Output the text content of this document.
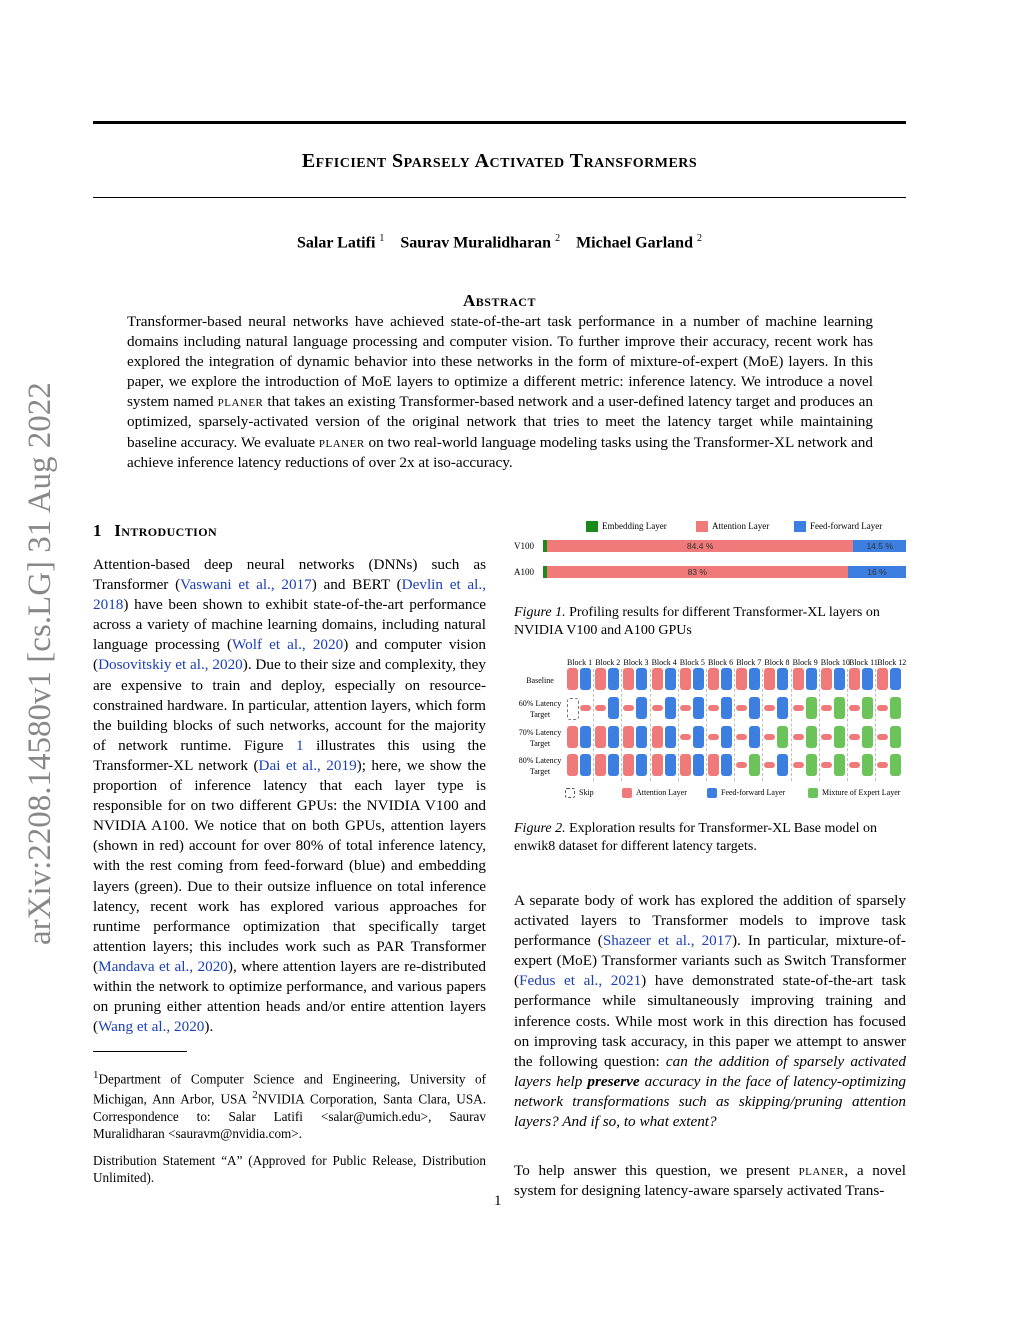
arXiv:2208.14580v1 [cs.LG] 31 Aug 2022
Efficient Sparsely Activated Transformers
Salar Latifi $^1$ Saurav Muralidharan $^2$ Michael Garland $^2$
Abstract
Transformer-based neural networks have achieved state-of-the-art task performance in a number of machine learning domains including natural language processing and computer vision. To further improve their accuracy, recent work has explored the integration of dynamic behavior into these networks in the form of mixture-of-expert (MoE) layers. In this paper, we explore the introduction of MoE layers to optimize a different metric: inference latency. We introduce a novel system named planer that takes an existing Transformer-based network and a user-defined latency target and produces an optimized, sparsely-activated version of the original network that tries to meet the latency target while maintaining baseline accuracy. We evaluate planer on two real-world language modeling tasks using the Transformer-XL network and achieve inference latency reductions of over 2x at iso-accuracy.
1 Introduction
Attention-based deep neural networks (DNNs) such as Transformer (Vaswani et al., 2017) and BERT (Devlin et al., 2018) have been shown to exhibit state-of-the-art performance across a variety of machine learning domains, including natural language processing (Wolf et al., 2020) and computer vision (Dosovitskiy et al., 2020). Due to their size and complexity, they are expensive to train and deploy, especially on resource-constrained hardware. In particular, attention layers, which form the building blocks of such networks, account for the majority of network runtime. Figure 1 illustrates this using the Transformer-XL network (Dai et al., 2019); here, we show the proportion of inference latency that each layer type is responsible for on two different GPUs: the NVIDIA V100 and NVIDIA A100. We notice that on both GPUs, attention layers (shown in red) account for over 80% of total inference latency, with the rest coming from feed-forward (blue) and embedding layers (green). Due to their outsize influence on total inference latency, recent work has explored various approaches for runtime performance optimization that specifically target attention layers; this includes work such as PAR Transformer (Mandava et al., 2020), where attention layers are re-distributed within the network to optimize performance, and various papers on pruning either attention heads and/or entire attention layers (Wang et al., 2020).
$^1$Department of Computer Science and Engineering, University of Michigan, Ann Arbor, USA $^2$NVIDIA Corporation, Santa Clara, USA. Correspondence to: Salar Latifi <salar@umich.edu>, Saurav Muralidharan <sauravm@nvidia.com>.
Distribution Statement “A” (Approved for Public Release, Distribution Unlimited).
Embedding Layer	Attention Layer	Feed-forward Layer
V100	84.4 %	14.5 %
A100	83 %	16 %
Figure 1. Profiling results for different Transformer-XL layers on NVIDIA V100 and A100 GPUs
Skip	Attention Layer	Feed-forward Layer	Mixture of Expert Layer
Block 1 Block 2 Block 3 Block 4 Block 5 Block 6 Block 7 Block 8 Block 9 Block 10 Block 11 Block 12
Baseline
60% Latency Target
70% Latency Target
80% Latency Target
Figure 2. Exploration results for Transformer-XL Base model on enwik8 dataset for different latency targets.
A separate body of work has explored the addition of sparsely activated layers to Transformer models to improve task performance (Shazeer et al., 2017). In particular, mixture-of-expert (MoE) Transformer variants such as Switch Transformer (Fedus et al., 2021) have demonstrated state-of-the-art task performance while simultaneously improving training and inference costs. While most work in this direction has focused on improving task accuracy, in this paper we attempt to answer the following question: can the addition of sparsely activated layers help preserve accuracy in the face of latency-optimizing network transformations such as skipping/pruning attention layers? And if so, to what extent?
To help answer this question, we present planer, a novel system for designing latency-aware sparsely activated Trans-
1
